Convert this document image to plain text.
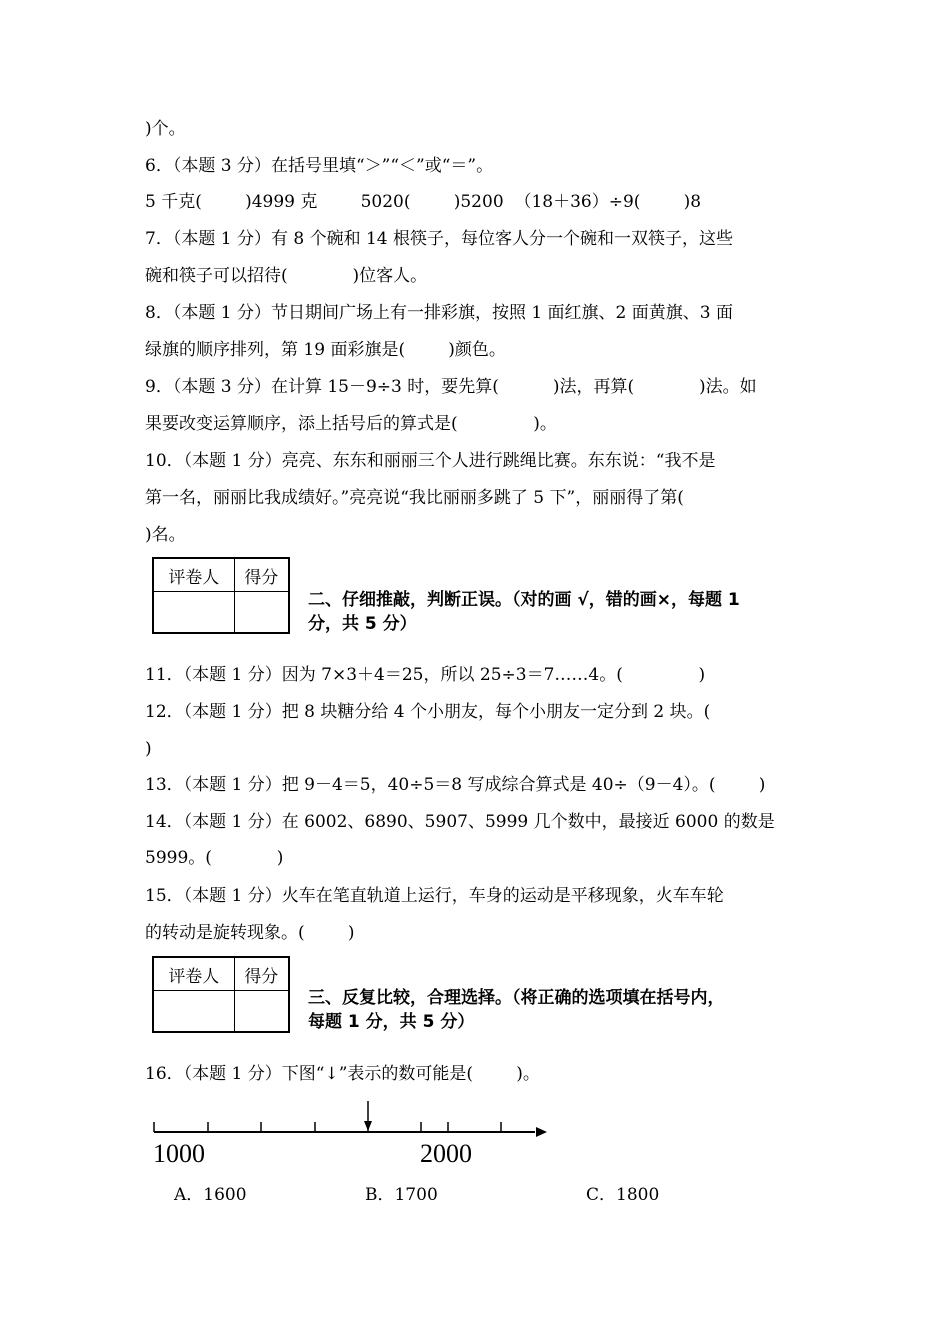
)个。
6．（本题 3 分）在括号里填“＞”“＜”或“＝”。
5 千克(        )4999 克        5020(        )5200  （18＋36）÷9(        )8
7．（本题 1 分）有 8 个碗和 14 根筷子，每位客人分一个碗和一双筷子，这些
碗和筷子可以招待(            )位客人。
8．（本题 1 分）节日期间广场上有一排彩旗，按照 1 面红旗、2 面黄旗、3 面
绿旗的顺序排列，第 19 面彩旗是(        )颜色。
9．（本题 3 分）在计算 15－9÷3 时，要先算(          )法，再算(            )法。如
果要改变运算顺序，添上括号后的算式是(              )。
10．（本题 1 分）亮亮、东东和丽丽三个人进行跳绳比赛。东东说：“我不是
第一名，丽丽比我成绩好。”亮亮说“我比丽丽多跳了 5 下”，丽丽得了第(
)名。
评卷人	得分

二、仔细推敲，判断正误。（对的画 √，错的画×，每题 1
分，共 5 分）
11．（本题 1 分）因为 7×3＋4＝25，所以 25÷3＝7……4。(              )
12．（本题 1 分）把 8 块糖分给 4 个小朋友，每个小朋友一定分到 2 块。(
)
13．（本题 1 分）把 9－4＝5，40÷5＝8 写成综合算式是 40÷（9－4）。(        )
14．（本题 1 分）在 6002、6890、5907、5999 几个数中，最接近 6000 的数是
5999。(            )
15．（本题 1 分）火车在笔直轨道上运行，车身的运动是平移现象，火车车轮
的转动是旋转现象。(        )
评卷人	得分

三、反复比较，合理选择。（将正确的选项填在括号内，
每题 1 分，共 5 分）
16．（本题 1 分）下图“↓”表示的数可能是(        )。
1000	2000
A．1600	B．1700	C．1800
